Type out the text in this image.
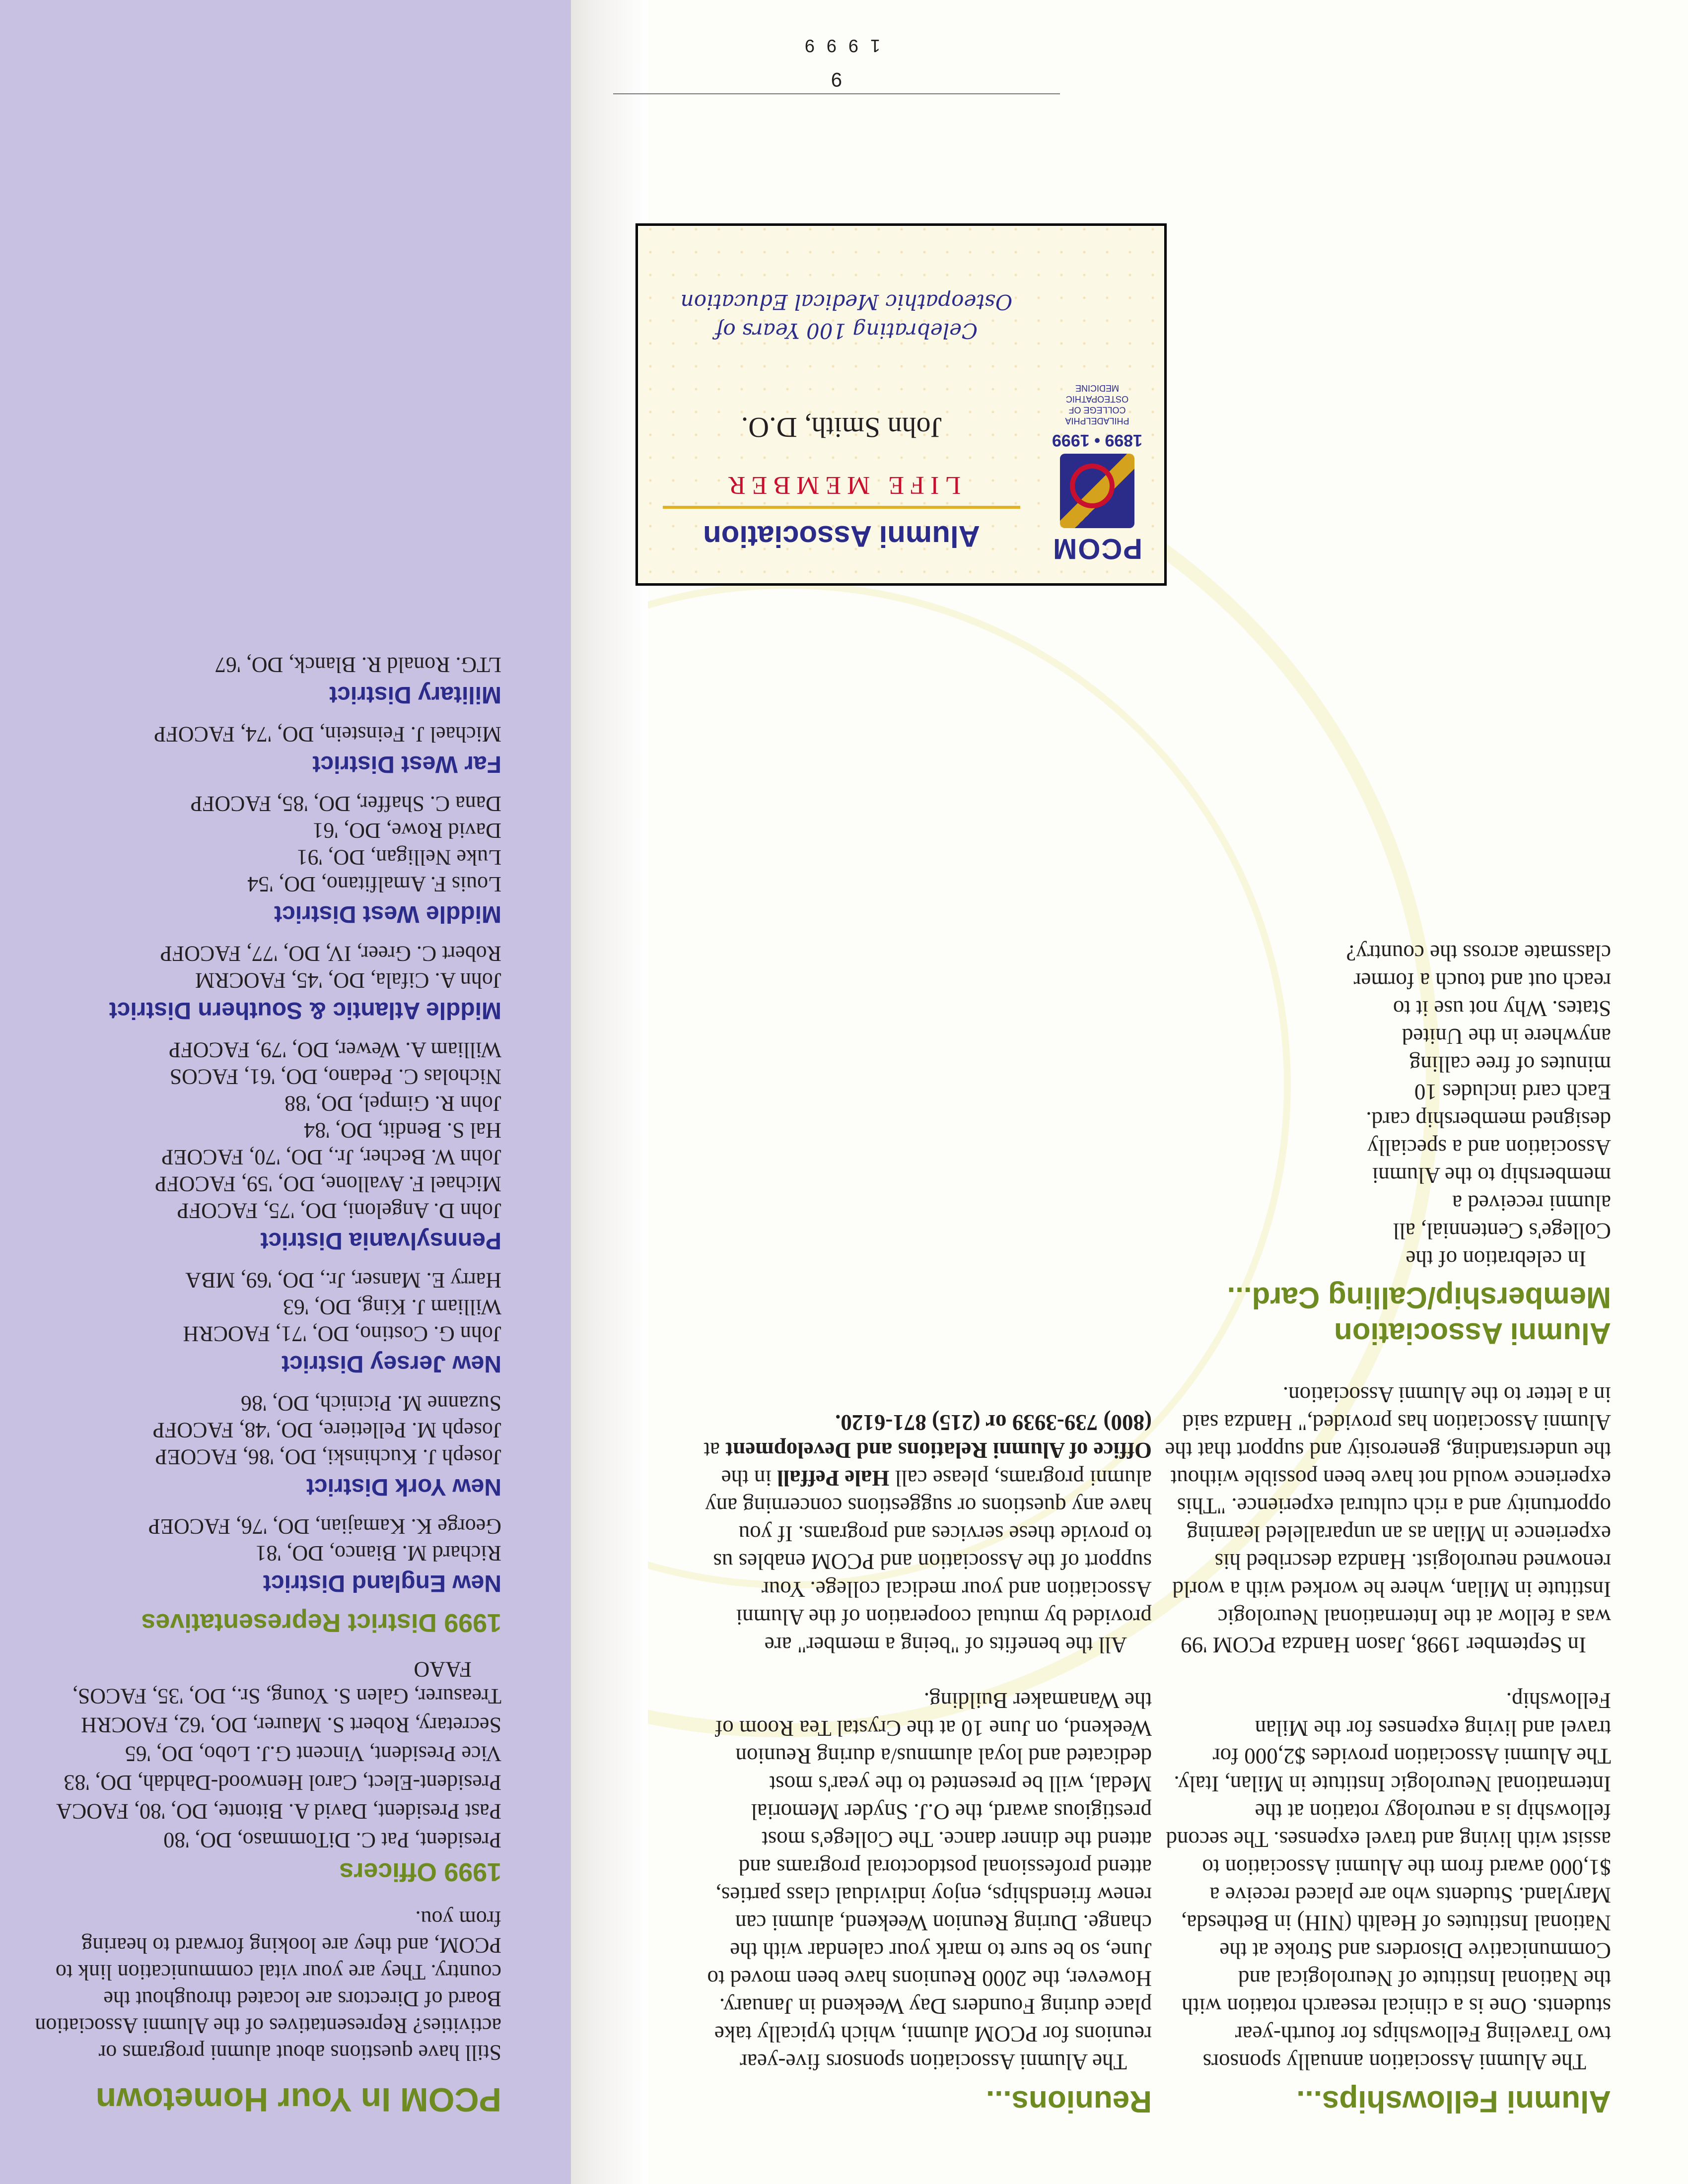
Alumni Fellowships...

The Alumni Association annually sponsors two Traveling Fellowships for fourth-year students. One is a clinical research rotation with the National Institute of Neurological and Communicative Disorders and Stroke at the National Institutes of Health (NIH) in Bethesda, Maryland. Students who are placed receive a $1,000 award from the Alumni Association to assist with living and travel expenses. The second fellowship is a neurology rotation at the International Neurologic Institute in Milan, Italy. The Alumni Association provides $2,000 for travel and living expenses for the Milan Fellowship.

In September 1998, Jason Handza PCOM '99 was a fellow at the International Neurologic Institute in Milan, where he worked with a world renowned neurologist. Handza described his experience in Milan as an unparalleled learning opportunity and a rich cultural experience. "This experience would not have been possible without the understanding, generosity and support that the Alumni Association has provided," Handza said in a letter to the Alumni Association.

Alumni Association Membership/Calling Card...

In celebration of the College's Centennial, all alumni received a membership to the Alumni Association and a specially designed membership card. Each card includes 10 minutes of free calling anywhere in the United States. Why not use it to reach out and touch a former classmate across the country?

Reunions...

The Alumni Association sponsors five-year reunions for PCOM alumni, which typically take place during Founders Day Weekend in January. However, the 2000 Reunions have been moved to June, so be sure to mark your calendar with the change. During Reunion Weekend, alumni can renew friendships, enjoy individual class parties, attend professional postdoctoral programs and attend the dinner dance. The College's most prestigious award, the O.J. Snyder Memorial Medal, will be presented to the year's most dedicated and loyal alumnus/a during Reunion Weekend, on June 10 at the Crystal Tea Room of the Wanamaker Building.

All the benefits of "being a member" are provided by mutual cooperation of the Alumni Association and your medical college. Your support of the Association and PCOM enables us to provide these services and programs. If you have any questions or suggestions concerning any alumni programs, please call Hale Peffall in the Office of Alumni Relations and Development at (800) 739-3939 or (215) 871-6120.

PCOM
1899 • 1999
PHILADELPHIA COLLEGE OF OSTEOPATHIC MEDICINE
Alumni Association
LIFE MEMBER
John Smith, D.O.
Celebrating 100 Years of Osteopathic Medical Education
9
1999
PCOM In Your Hometown

Still have questions about alumni programs or activities? Representatives of the Alumni Association Board of Directors are located throughout the country. They are your vital communication link to PCOM, and they are looking forward to hearing from you.

1999 Officers

President, Pat C. DiTommaso, DO, '80

Past President, David A. Bitonte, DO, '80, FAOCA

President-Elect, Carol Henwood-Dahdah, DO, '83

Vice President, Vincent G.J. Lobo, DO, '65

Secretary, Robert S. Maurer, DO, '62, FAOCRH

Treasurer, Galen S. Young, Sr., DO, '35, FACOS, FAAO

1999 District Representatives
New England District
Richard M. Bianco, DO, '81
George K. Kamajian, DO, '76, FACOEP
New York District
Joseph J. Kuchinski, DO, '86, FACOEP
Joseph M. Pelletiere, DO, '48, FACOFP
Suzanne M. Picinich, DO, '86
New Jersey District
John G. Costino, DO, '71, FAOCRH
William J. King, DO, '63
Harry E. Manser, Jr., DO, '69, MBA
Pennsylvania District
John D. Angeloni, DO, '75, FACOFP
Michael F. Avallone, DO, '59, FACOFP
John W. Becher, Jr., DO, '70, FACOEP
Hal S. Bendit, DO, '84
John R. Gimpel, DO, '88
Nicholas C. Pedano, DO, '61, FACOS
William A. Wewer, DO, '79, FACOFP
Middle Atlantic & Southern District
John A. Cifala, DO, '45, FAOCRM
Robert C. Greer, IV, DO, '77, FACOFP
Middle West District
Louis F. Amalfitano, DO, '54
Luke Nelligan, DO, '91
David Rowe, DO, '61
Dana C. Shaffer, DO, '85, FACOFP
Far West District
Michael J. Feinstein, DO, '74, FACOFP
Military District
LTG. Ronald R. Blanck, DO, '67
